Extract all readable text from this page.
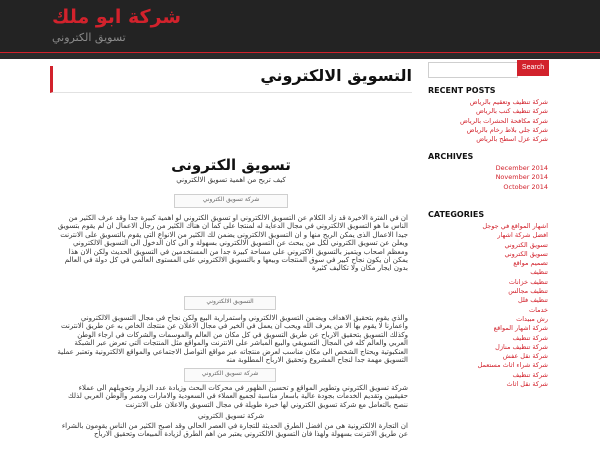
شركة ابو ملك
تسويق الكتروني
التسويق الالكتروني
تسويق الكترونى
كيف تربح من اهمية تسويق الالكتروني
شركة تسويق الكتروني
ان في الفترة الاخيرة قد زاد الكلام عن التسويق الالكتروني او تسويق الكتروني لو اهمية كبيرة جدا وقد عرف الكثير من الناس ما هو التسويق الالكتروني في مجال الدعاية له لمنتجا على كما ان هناك الكثير من رجال الاعمال ان لم يقوم بتسويق جيدا الاعمال الذى يمكن الربح منها و ان التسويق الالكترونى يضمن لك الكثير من الانواع التى يقوم بالتسويق على الانترنت ويعلن عن تسويق الكتروني لكل من يبحث عن التسويق الالكتروني بسهولة و الى كان الدخول الى التسويق الالكتروني ومعظم اصحاب ويتميز بالتسويق الاكتروني على مساحة كبيرة جدا من المستخدمين في التسويق الحديث ولكن الان هذا يمكن ان يكون نجاح كبير في سوق المنتجات وبيعها و بالتسويق الالكتروني على المستوى العالمي في كل دولة في العالم بدون ايجار مكان ولا تكاليف كثيرة
التسويق الالكتروني
والذي يقوم بتحقيق الاهداف ويضمن التسويق الالكتروني واستمرارية البيع ولكن نجاح في مجال التسويق الالكتروني واعمارنا لا يقوم بها الا من يعرف الله ويحب ان يعمل في الخير في مجال الاعلان عن منتجك الخاص به عن طريق الانترنت وكذلك التسويق بتحقيق الارباح عن طريق التسويق في كل مكان من العالم والموسمات والشركات في ارجاء الوطن العربي والعالم كله في المجال التسويقي والبيع المباشر على الانترنت والمواقع مثل المنتجات التي تعرض عبر الشبكة العنكبوتية ويحتاج الشخص الى مكان مناسب لعرض منتجاته عبر مواقع التواصل الاجتماعي والمواقع الالكترونية وتعتبر عملية التسويق مهمة جدا لنجاح المشروع وتحقيق الارباح المطلوبة منه
شركة تسويق الكتروني
شركة تسويق الكتروني وتطوير المواقع و تحسين الظهور في محركات البحث وزيادة عدد الزوار وتحويلهم الى عملاء حقيقيين وتقديم الخدمات بجودة عالية باسعار مناسبة لجميع العملاء في السعودية والامارات ومصر والوطن العربي لذلك ننصح بالتعامل مع شركة تسويق الكتروني لها خبرة طويلة في مجال التسويق والاعلان على الانترنت
شركة تسويق الكتروني
ان التجارة الالكترونية هى من افضل الطرق الحديثة للتجارة في العصر الحالي وقد اصبح الكثير من الناس يقومون بالشراء عن طريق الانترنت بسهولة ولهذا فان التسويق الالكتروني يعتبر من اهم الطرق لزيادة المبيعات وتحقيق الارباح
Search
RECENT POSTS
شركة تنظيف وتعقيم بالرياض
شركة تنظيف كنب بالرياض
شركة مكافحة الحشرات بالرياض
شركة جلي بلاط رخام بالرياض
شركة عزل اسطح بالرياض
ARCHIVES
December 2014
November 2014
October 2014
CATEGORIES
اشهار المواقع في جوجل
افضل شركة اشهار
تسويق الكتروني
تسويق الكتروني
تصميم مواقع
تنظيف
تنظيف خزانات
تنظيف مجالس
تنظيف فلل
خدمات
رش مبيدات
شركة اشهار المواقع
شركة تنظيف
شركة تنظيف منازل
شركة نقل عفش
شركة شراء اثاث مستعمل
شركة تنظيف
شركة نقل اثاث
